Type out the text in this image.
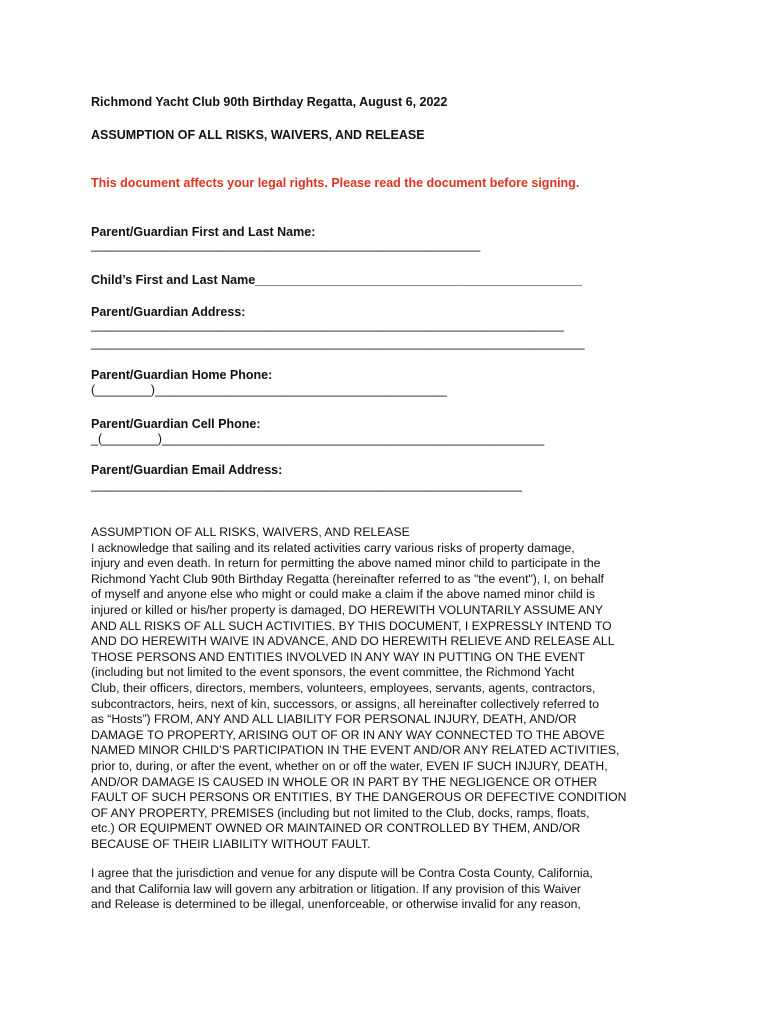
Richmond Yacht Club 90th Birthday Regatta, August 6, 2022
ASSUMPTION OF ALL RISKS, WAIVERS, AND RELEASE
This document affects your legal rights. Please read the document before signing.
Parent/Guardian First and Last Name:
________________________________________________________
Child’s First and Last Name_______________________________________________
Parent/Guardian Address:
____________________________________________________________________
_______________________________________________________________________
Parent/Guardian Home Phone:
(________)__________________________________________
Parent/Guardian Cell Phone:
_(________)_______________________________________________________
Parent/Guardian Email Address:
______________________________________________________________
ASSUMPTION OF ALL RISKS, WAIVERS, AND RELEASE
I acknowledge that sailing and its related activities carry various risks of property damage,
injury and even death. In return for permitting the above named minor child to participate in the
Richmond Yacht Club 90th Birthday Regatta (hereinafter referred to as "the event"), I, on behalf
of myself and anyone else who might or could make a claim if the above named minor child is
injured or killed or his/her property is damaged, DO HEREWITH VOLUNTARILY ASSUME ANY
AND ALL RISKS OF ALL SUCH ACTIVITIES. BY THIS DOCUMENT, I EXPRESSLY INTEND TO
AND DO HEREWITH WAIVE IN ADVANCE, AND DO HEREWITH RELIEVE AND RELEASE ALL
THOSE PERSONS AND ENTITIES INVOLVED IN ANY WAY IN PUTTING ON THE EVENT
(including but not limited to the event sponsors, the event committee, the Richmond Yacht
Club, their officers, directors, members, volunteers, employees, servants, agents, contractors,
subcontractors, heirs, next of kin, successors, or assigns, all hereinafter collectively referred to
as “Hosts”) FROM, ANY AND ALL LIABILITY FOR PERSONAL INJURY, DEATH, AND/OR
DAMAGE TO PROPERTY, ARISING OUT OF OR IN ANY WAY CONNECTED TO THE ABOVE
NAMED MINOR CHILD’S PARTICIPATION IN THE EVENT AND/OR ANY RELATED ACTIVITIES,
prior to, during, or after the event, whether on or off the water, EVEN IF SUCH INJURY, DEATH,
AND/OR DAMAGE IS CAUSED IN WHOLE OR IN PART BY THE NEGLIGENCE OR OTHER
FAULT OF SUCH PERSONS OR ENTITIES, BY THE DANGEROUS OR DEFECTIVE CONDITION
OF ANY PROPERTY, PREMISES (including but not limited to the Club, docks, ramps, floats,
etc.) OR EQUIPMENT OWNED OR MAINTAINED OR CONTROLLED BY THEM, AND/OR
BECAUSE OF THEIR LIABILITY WITHOUT FAULT.
I agree that the jurisdiction and venue for any dispute will be Contra Costa County, California,
and that California law will govern any arbitration or litigation. If any provision of this Waiver
and Release is determined to be illegal, unenforceable, or otherwise invalid for any reason,
